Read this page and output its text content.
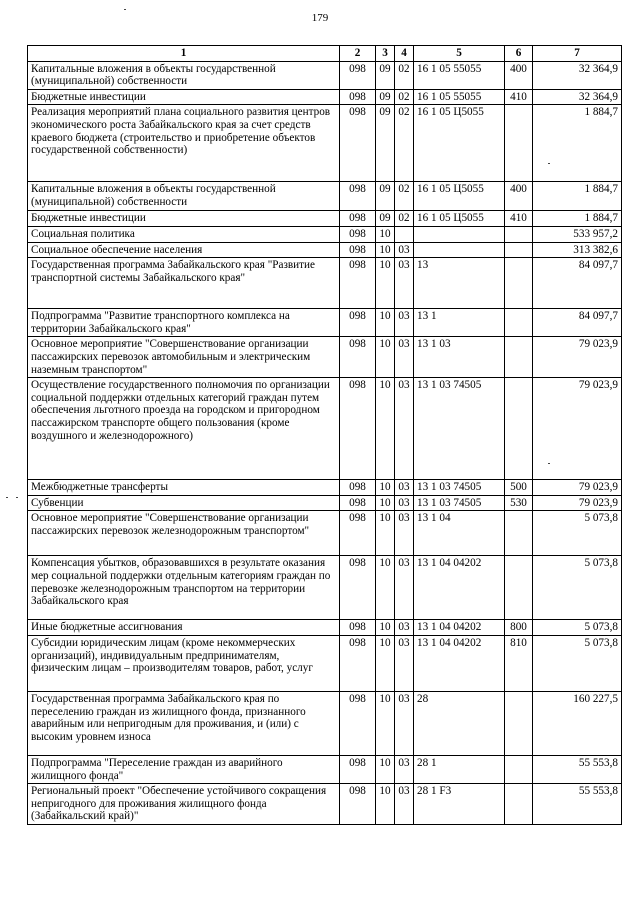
179
1	2	3	4	5	6	7
Капитальные вложения в объекты государственной (муниципальной) собственности	098	09	02	16 1 05 55055	400	32 364,9
Бюджетные инвестиции	098	09	02	16 1 05 55055	410	32 364,9
Реализация мероприятий плана социального развития центров экономического роста Забайкальского края за счет средств краевого бюджета (строительство и приобретение объектов государственной собственности)	098	09	02	16 1 05 Ц5055		1 884,7
Капитальные вложения в объекты государственной (муниципальной) собственности	098	09	02	16 1 05 Ц5055	400	1 884,7
Бюджетные инвестиции	098	09	02	16 1 05 Ц5055	410	1 884,7
Социальная политика	098	10				533 957,2
Социальное обеспечение населения	098	10	03			313 382,6
Государственная программа Забайкальского края "Развитие транспортной системы Забайкальского края"	098	10	03	13		84 097,7
Подпрограмма "Развитие транспортного комплекса на территории Забайкальского края"	098	10	03	13 1		84 097,7
Основное мероприятие "Совершенствование организации пассажирских перевозок автомобильным и электрическим наземным транспортом"	098	10	03	13 1 03		79 023,9
Осуществление государственного полномочия по организации социальной поддержки отдельных категорий граждан путем обеспечения льготного проезда на городском и пригородном пассажирском транспорте общего пользования (кроме воздушного и железнодорожного)	098	10	03	13 1 03 74505		79 023,9
Межбюджетные трансферты	098	10	03	13 1 03 74505	500	79 023,9
Субвенции	098	10	03	13 1 03 74505	530	79 023,9
Основное мероприятие "Совершенствование организации пассажирских перевозок железнодорожным транспортом"	098	10	03	13 1 04		5 073,8
Компенсация убытков, образовавшихся в результате оказания мер социальной поддержки отдельным категориям граждан по перевозке железнодорожным транспортом на территории Забайкальского края	098	10	03	13 1 04 04202		5 073,8
Иные бюджетные ассигнования	098	10	03	13 1 04 04202	800	5 073,8
Субсидии юридическим лицам (кроме некоммерческих организаций), индивидуальным предпринимателям, физическим лицам – производителям товаров, работ, услуг	098	10	03	13 1 04 04202	810	5 073,8
Государственная программа Забайкальского края по переселению граждан из жилищного фонда, признанного аварийным или непригодным для проживания, и (или) с высоким уровнем износа	098	10	03	28		160 227,5
Подпрограмма "Переселение граждан из аварийного жилищного фонда"	098	10	03	28 1		55 553,8
Региональный проект "Обеспечение устойчивого сокращения непригодного для проживания жилищного фонда (Забайкальский край)"	098	10	03	28 1 F3		55 553,8
